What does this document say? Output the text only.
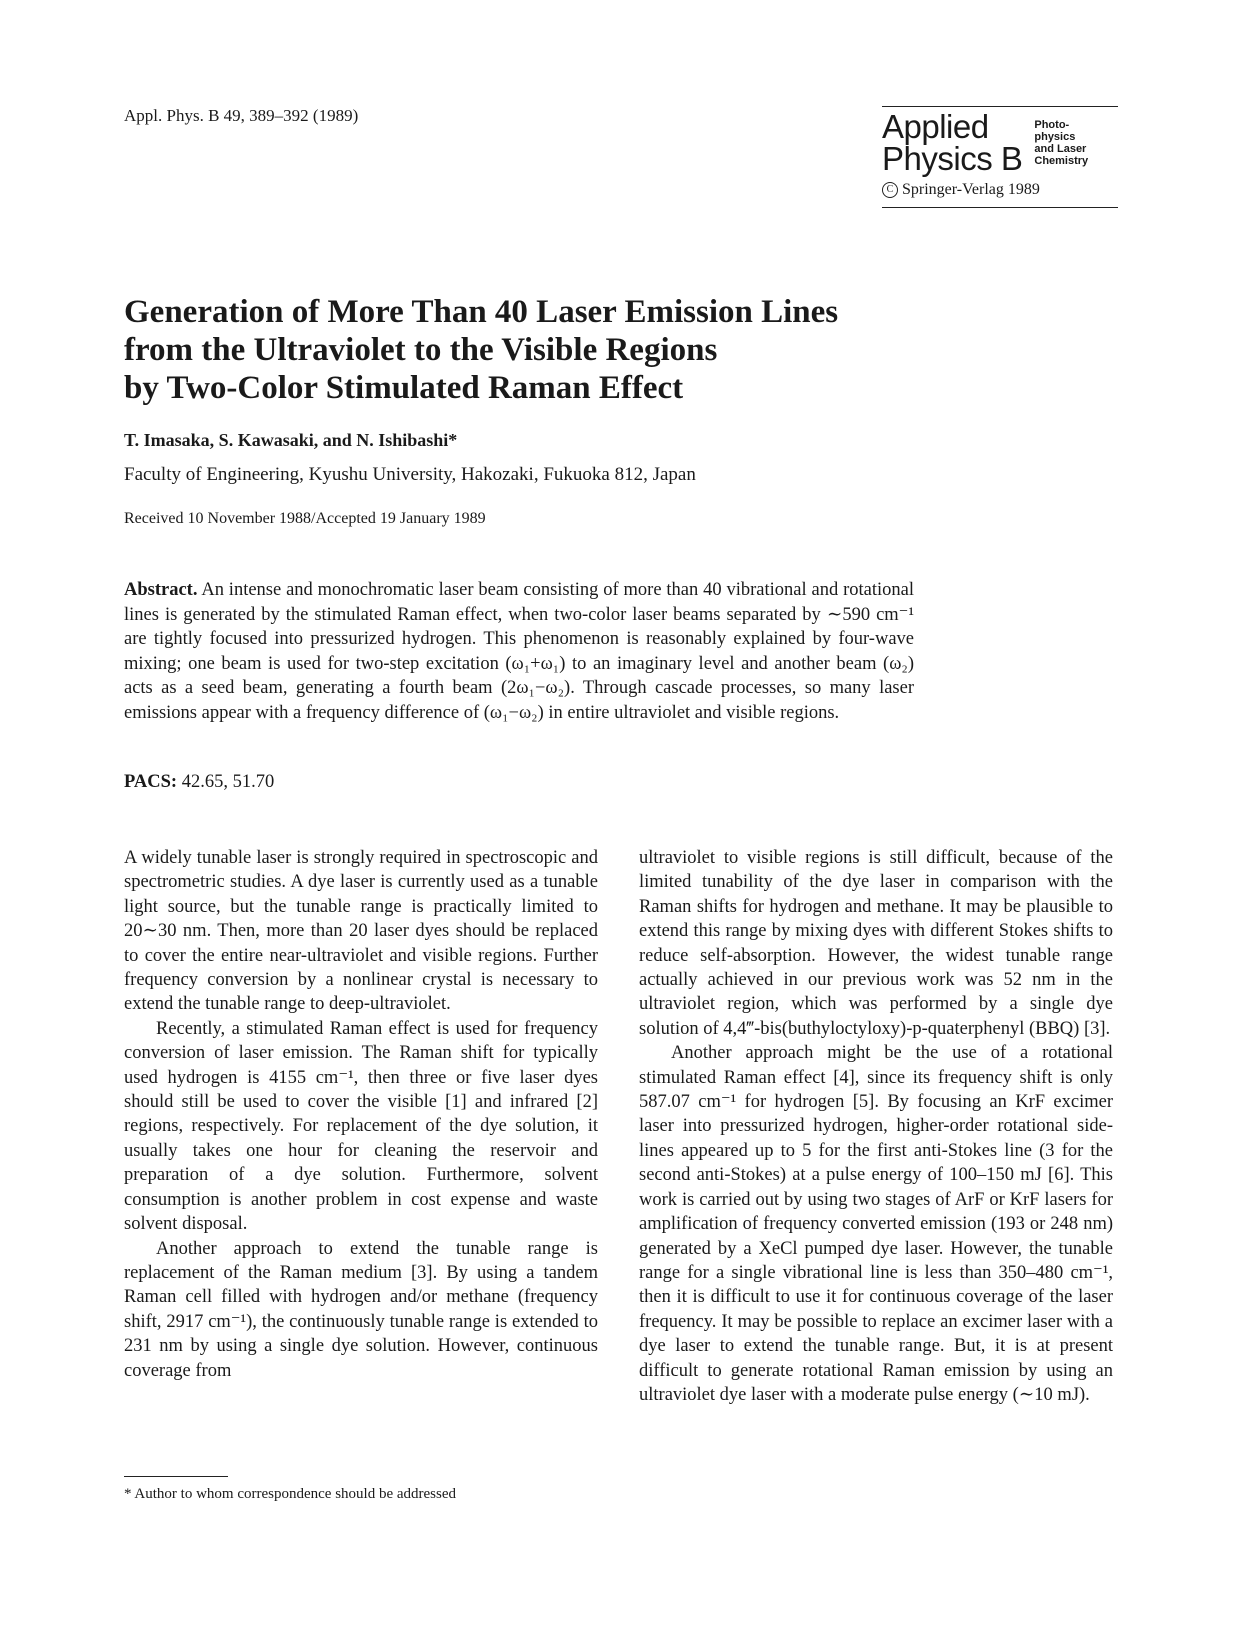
Appl. Phys. B 49, 389–392 (1989)	Applied
Physics B
Photo-
physics
and Laser
Chemistry
C Springer-Verlag 1989
Generation of More Than 40 Laser Emission Lines
from the Ultraviolet to the Visible Regions
by Two-Color Stimulated Raman Effect
T. Imasaka, S. Kawasaki, and N. Ishibashi*
Faculty of Engineering, Kyushu University, Hakozaki, Fukuoka 812, Japan
Received 10 November 1988/Accepted 19 January 1989
Abstract. An intense and monochromatic laser beam consisting of more than 40 vibrational and rotational lines is generated by the stimulated Raman effect, when two-color laser beams separated by ∼590 cm⁻¹ are tightly focused into pressurized hydrogen. This phenomenon is reasonably explained by four-wave mixing; one beam is used for two-step excitation (ω₁+ω₁) to an imaginary level and another beam (ω₂) acts as a seed beam, generating a fourth beam (2ω₁−ω₂). Through cascade processes, so many laser emissions appear with a frequency difference of (ω₁−ω₂) in entire ultraviolet and visible regions.
PACS: 42.65, 51.70

A widely tunable laser is strongly required in spectroscopic and spectrometric studies. A dye laser is currently used as a tunable light source, but the tunable range is practically limited to 20∼30 nm. Then, more than 20 laser dyes should be replaced to cover the entire near-ultraviolet and visible regions. Further frequency conversion by a nonlinear crystal is necessary to extend the tunable range to deep-ultraviolet.

Recently, a stimulated Raman effect is used for frequency conversion of laser emission. The Raman shift for typically used hydrogen is 4155 cm⁻¹, then three or five laser dyes should still be used to cover the visible [1] and infrared [2] regions, respectively. For replacement of the dye solution, it usually takes one hour for cleaning the reservoir and preparation of a dye solution. Furthermore, solvent consumption is another problem in cost expense and waste solvent disposal.

Another approach to extend the tunable range is replacement of the Raman medium [3]. By using a tandem Raman cell filled with hydrogen and/or methane (frequency shift, 2917 cm⁻¹), the continuously tunable range is extended to 231 nm by using a single dye solution. However, continuous coverage from

ultraviolet to visible regions is still difficult, because of the limited tunability of the dye laser in comparison with the Raman shifts for hydrogen and methane. It may be plausible to extend this range by mixing dyes with different Stokes shifts to reduce self-absorption. However, the widest tunable range actually achieved in our previous work was 52 nm in the ultraviolet region, which was performed by a single dye solution of 4,4‴-bis(buthyloctyloxy)-p-quaterphenyl (BBQ) [3].

Another approach might be the use of a rotational stimulated Raman effect [4], since its frequency shift is only 587.07 cm⁻¹ for hydrogen [5]. By focusing an KrF excimer laser into pressurized hydrogen, higher-order rotational side-lines appeared up to 5 for the first anti-Stokes line (3 for the second anti-Stokes) at a pulse energy of 100–150 mJ [6]. This work is carried out by using two stages of ArF or KrF lasers for amplification of frequency converted emission (193 or 248 nm) generated by a XeCl pumped dye laser. However, the tunable range for a single vibrational line is less than 350–480 cm⁻¹, then it is difficult to use it for continuous coverage of the laser frequency. It may be possible to replace an excimer laser with a dye laser to extend the tunable range. But, it is at present difficult to generate rotational Raman emission by using an ultraviolet dye laser with a moderate pulse energy (∼10 mJ).

* Author to whom correspondence should be addressed
